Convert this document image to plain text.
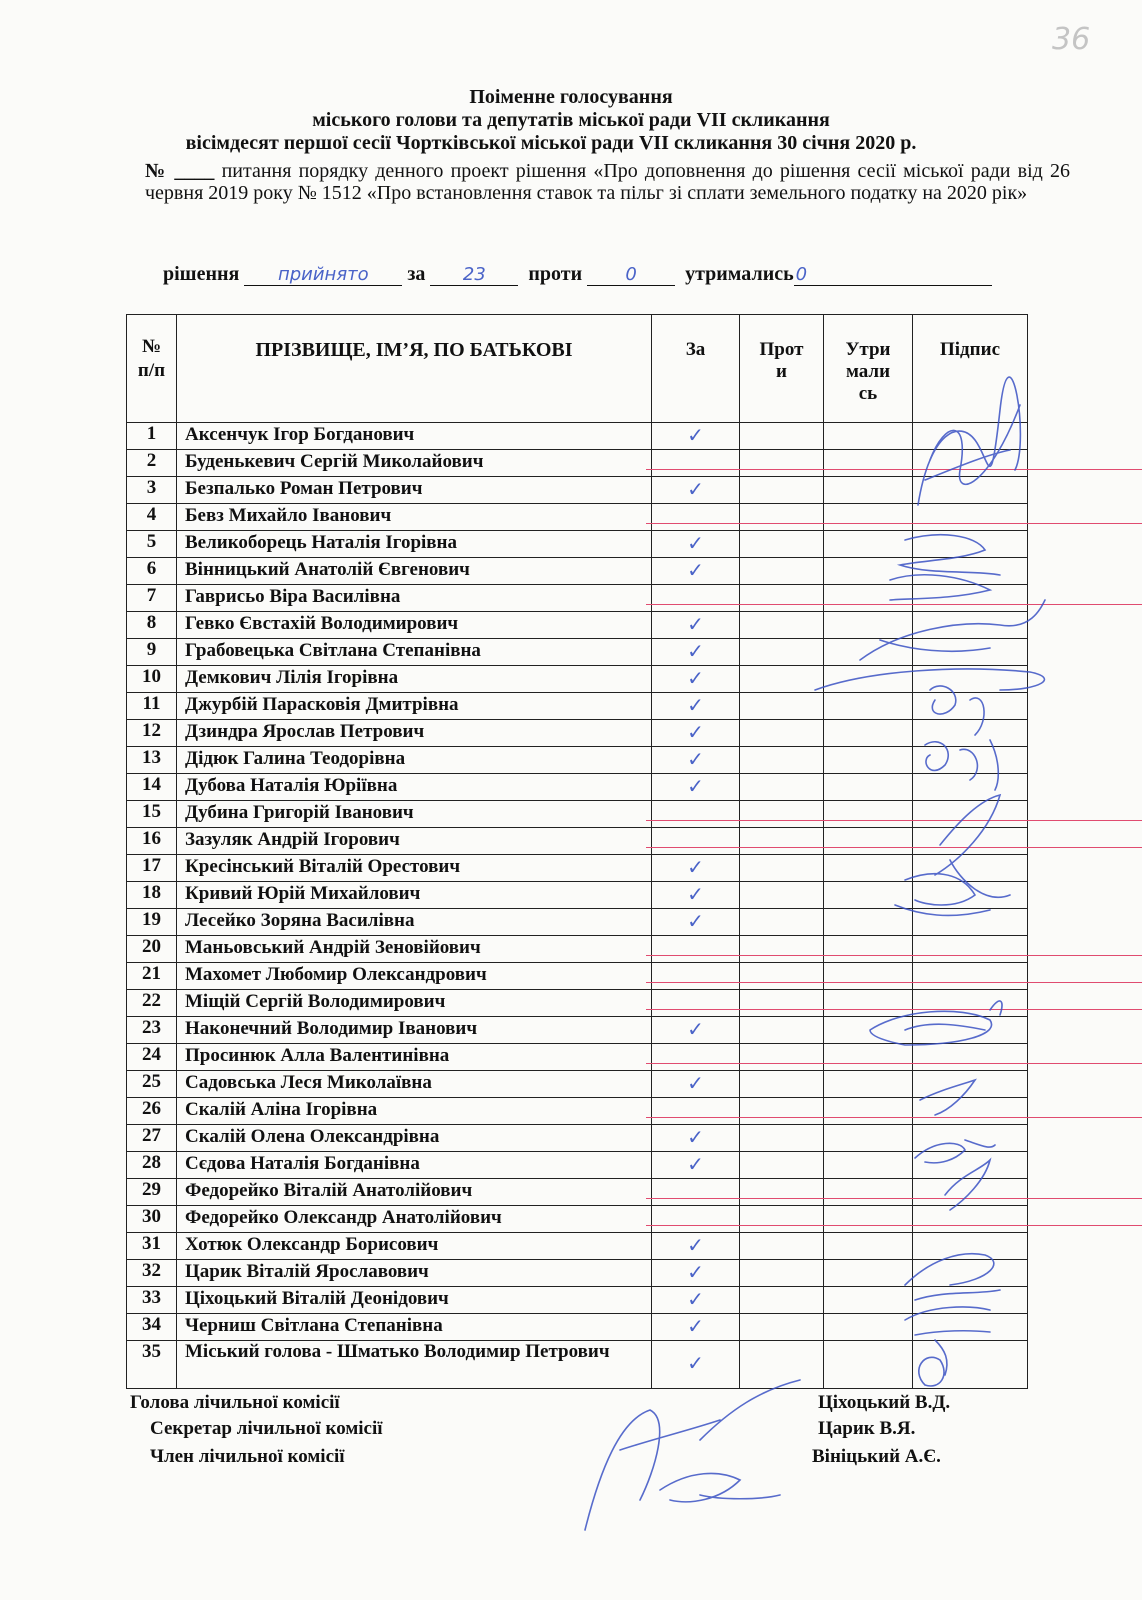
36
Поіменне голосування
міського голови та депутатів міської ради VII скликання
вісімдесят першої сесії Чортківської міської ради VII скликання 30 січня 2020 р.
№ ____ питання порядку денного проект рішення «Про доповнення до рішення сесії міської ради від 26 червня 2019 року № 1512 «Про встановлення ставок та пільг зі сплати земельного податку на 2020 рік»
рішення прийнято за 23 проти 0 утримались 0
№ п/п	ПРІЗВИЩЕ, ІМ’Я, ПО БАТЬКОВІ	За	Проти	Утримались	Підпис
1	Аксенчук Ігор Богданович	✓			
2	Буденькевич Сергій Миколайович				
3	Безпалько Роман Петрович	✓			
4	Бевз Михайло Іванович				
5	Великоборець Наталія Ігорівна	✓			
6	Вінницький Анатолій Євгенович	✓			
7	Гаврисьо Віра Василівна				
8	Гевко Євстахій Володимирович	✓			
9	Грабовецька Світлана Степанівна	✓			
10	Демкович Лілія Ігорівна	✓			
11	Джурбій Парасковія Дмитрівна	✓			
12	Дзиндра Ярослав Петрович	✓			
13	Дідюк Галина Теодорівна	✓			
14	Дубова Наталія Юріївна	✓			
15	Дубина Григорій Іванович				
16	Зазуляк Андрій Ігорович				
17	Кресінський Віталій Орестович	✓			
18	Кривий Юрій Михайлович	✓			
19	Лесейко Зоряна Василівна	✓			
20	Маньовський Андрій Зеновійович				
21	Махомет Любомир Олександрович				
22	Міщій Сергій Володимирович				
23	Наконечний Володимир Іванович	✓			
24	Просинюк Алла Валентинівна				
25	Садовська Леся Миколаївна	✓			
26	Скалій Аліна Ігорівна				
27	Скалій Олена Олександрівна	✓			
28	Сєдова Наталія Богданівна	✓			
29	Федорейко Віталій Анатолійович				
30	Федорейко Олександр Анатолійович				
31	Хотюк Олександр Борисович	✓			
32	Царик Віталій Ярославович	✓			
33	Ціхоцький Віталій Деонідович	✓			
34	Черниш Світлана Степанівна	✓			
35	Міський голова - Шматько Володимир Петрович	✓			
Голова лічильної комісії
Секретар лічильної комісії
Член лічильної комісії
Ціхоцький В.Д.
Царик В.Я.
Вініцький А.Є.
